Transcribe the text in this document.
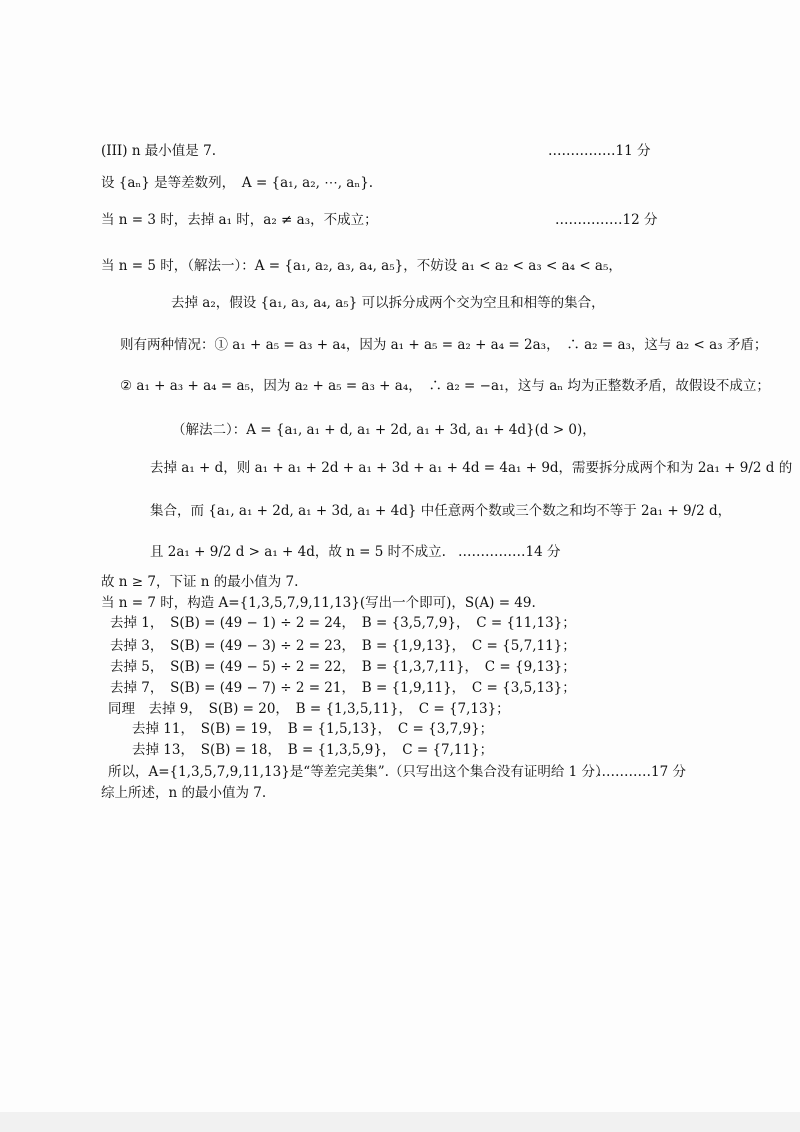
(III) n 最小值是 7.	……………11 分
设 {aₙ} 是等差数列，　A = {a₁, a₂, ⋯, aₙ}.
当 n = 3 时，去掉 a₁ 时，a₂ ≠ a₃，不成立；	……………12 分
当 n = 5 时，（解法一）：A = {a₁, a₂, a₃, a₄, a₅}，不妨设 a₁ < a₂ < a₃ < a₄ < a₅，
去掉 a₂，假设 {a₁, a₃, a₄, a₅} 可以拆分成两个交为空且和相等的集合，
则有两种情况：① a₁ + a₅ = a₃ + a₄，因为 a₁ + a₅ = a₂ + a₄ = 2a₃，　∴ a₂ = a₃，这与 a₂ < a₃ 矛盾；
② a₁ + a₃ + a₄ = a₅，因为 a₂ + a₅ = a₃ + a₄，　∴ a₂ = −a₁，这与 aₙ 均为正整数矛盾，故假设不成立；
（解法二）：A = {a₁, a₁ + d, a₁ + 2d, a₁ + 3d, a₁ + 4d}(d > 0)，
去掉 a₁ + d，则 a₁ + a₁ + 2d + a₁ + 3d + a₁ + 4d = 4a₁ + 9d，需要拆分成两个和为 2a₁ + 9/2 d 的
集合，而 {a₁, a₁ + 2d, a₁ + 3d, a₁ + 4d} 中任意两个数或三个数之和均不等于 2a₁ + 9/2 d，
且 2a₁ + 9/2 d > a₁ + 4d，故 n = 5 时不成立. ……………14 分
故 n ≥ 7，下证 n 的最小值为 7.
当 n = 7 时，构造 A={1,3,5,7,9,11,13}(写出一个即可)，S(A) = 49.
去掉 1，　S(B) = (49 − 1) ÷ 2 = 24，　B = {3,5,7,9}，　C = {11,13}；
去掉 3，　S(B) = (49 − 3) ÷ 2 = 23，　B = {1,9,13}，　C = {5,7,11}；
去掉 5，　S(B) = (49 − 5) ÷ 2 = 22，　B = {1,3,7,11}，　C = {9,13}；
去掉 7，　S(B) = (49 − 7) ÷ 2 = 21，　B = {1,9,11}，　C = {3,5,13}；
同理　去掉 9，　S(B) = 20，　B = {1,3,5,11}，　C = {7,13}；
去掉 11，　S(B) = 19，　B = {1,5,13}，　C = {3,7,9}；
去掉 13，　S(B) = 18，　B = {1,3,5,9}，　C = {7,11}；
所以，A={1,3,5,7,9,11,13}是“等差完美集”.（只写出这个集合没有证明给 1 分）
…………17 分
综上所述，n 的最小值为 7.
